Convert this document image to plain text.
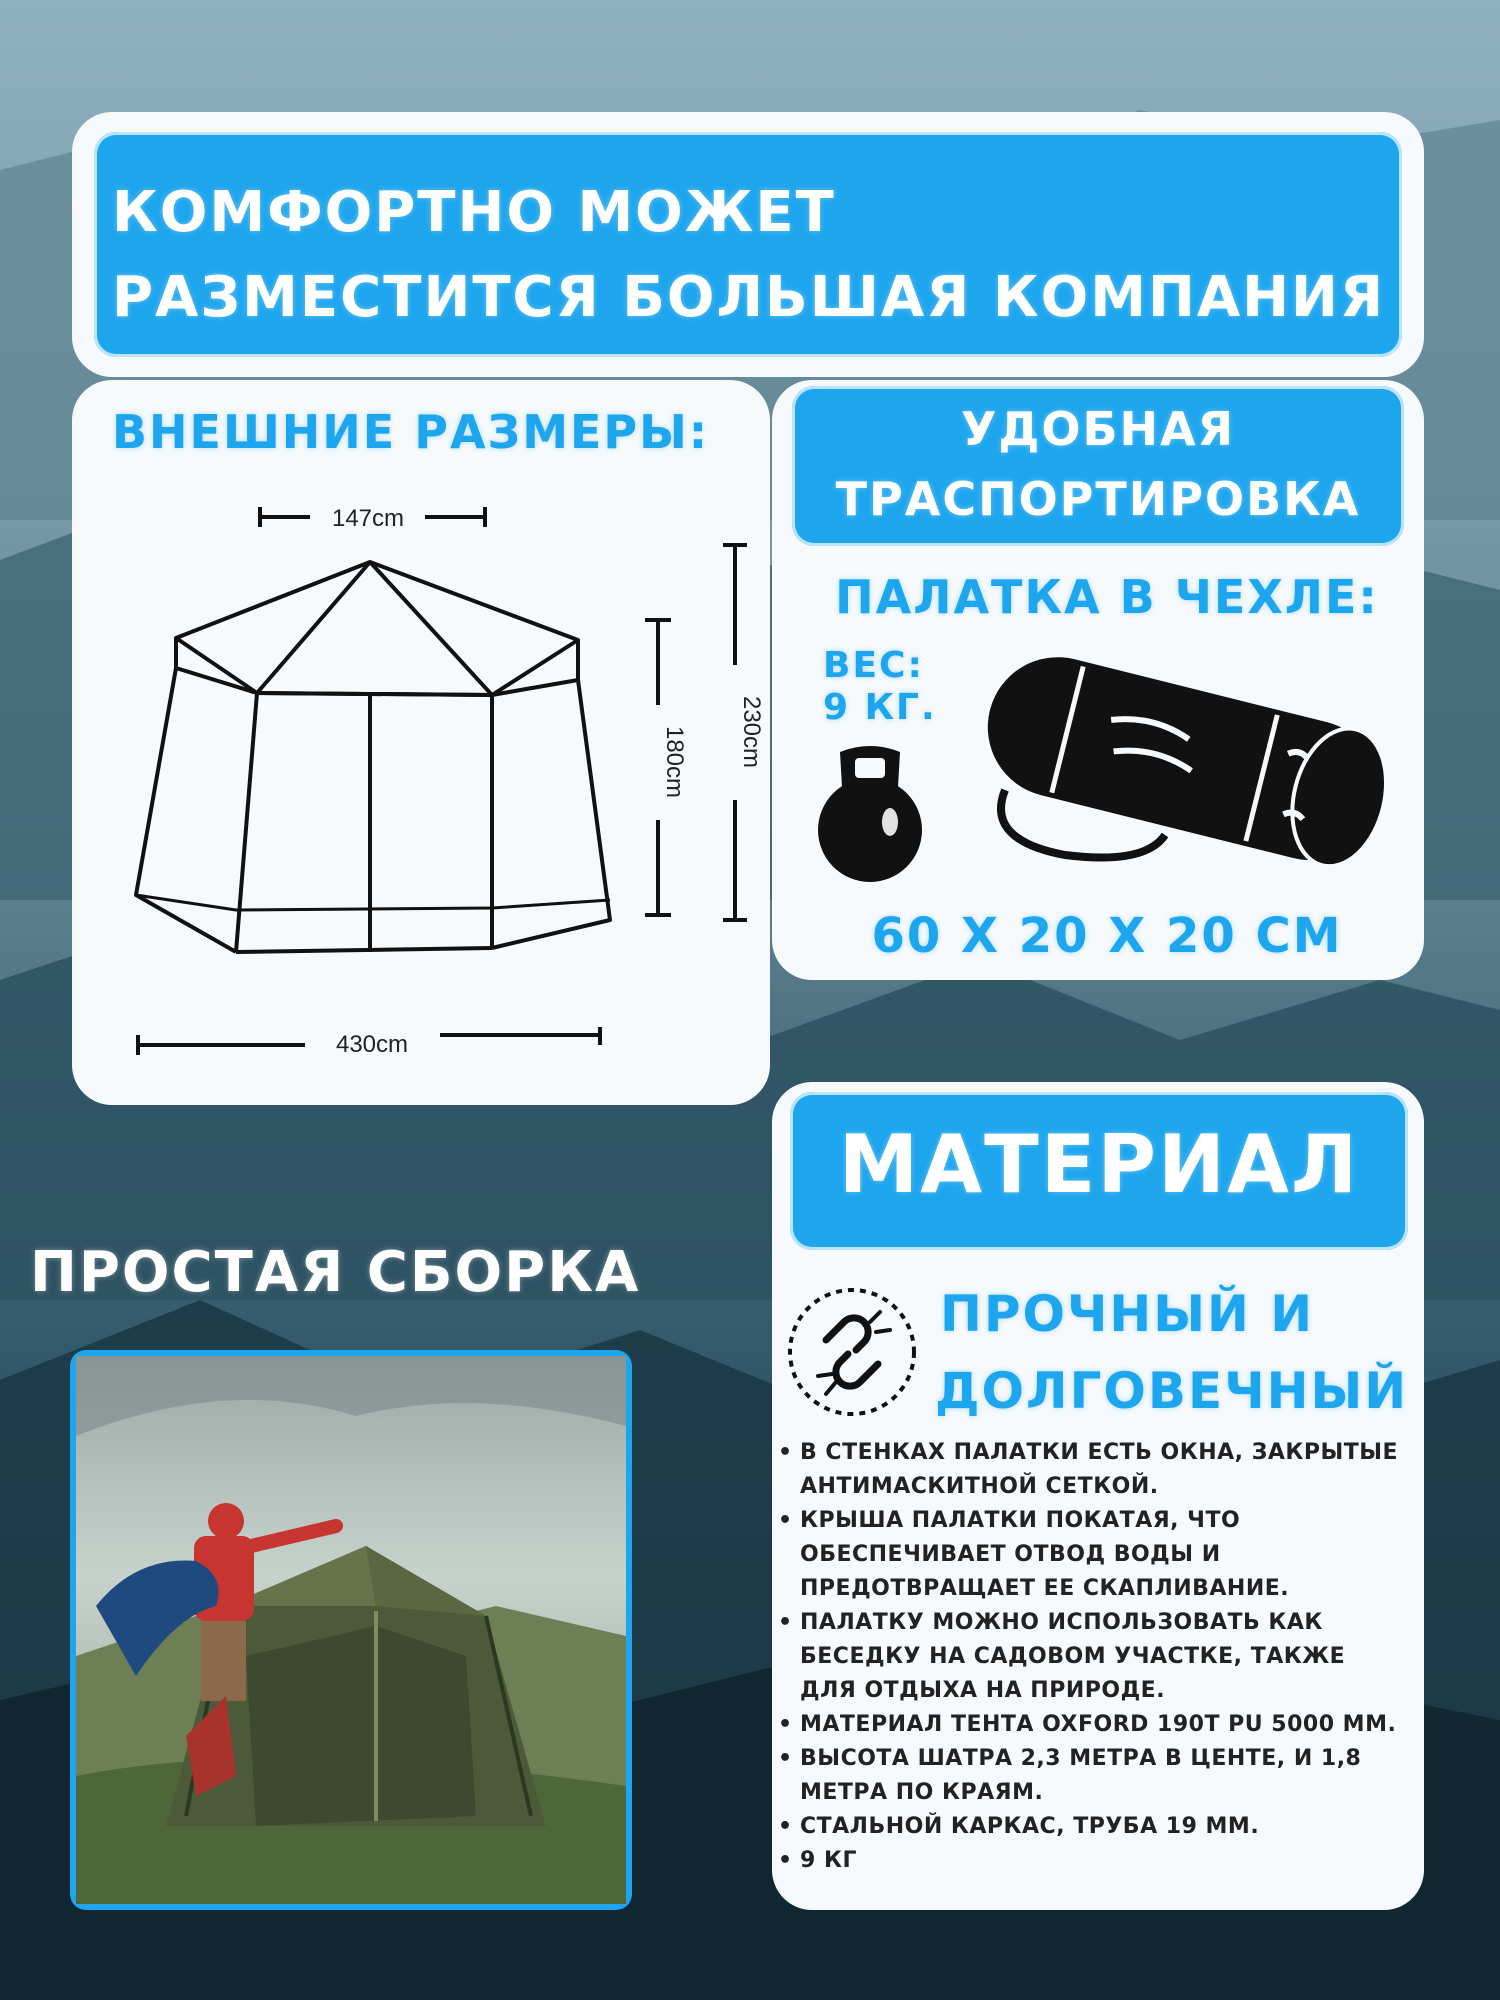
КОМФОРТНО МОЖЕТ
РАЗМЕСТИТСЯ БОЛЬШАЯ КОМПАНИЯ
ВНЕШНИЕ РАЗМЕРЫ:
147cm
180cm 230cm
430cm
УДОБНАЯ
ТРАСПОРТИРОВКА
ПАЛАТКА В ЧЕХЛЕ:
ВЕС:
9 КГ.
60 Х 20 Х 20 СМ
ПРОСТАЯ СБОРКА
МАТЕРИАЛ
ПРОЧНЫЙ И
ДОЛГОВЕЧНЫЙ
• В СТЕНКАХ ПАЛАТКИ ЕСТЬ ОКНА, ЗАКРЫТЫЕ АНТИМАСКИТНОЙ СЕТКОЙ.
• КРЫША ПАЛАТКИ ПОКАТАЯ, ЧТО ОБЕСПЕЧИВАЕТ ОТВОД ВОДЫ И ПРЕДОТВРАЩАЕТ ЕЕ СКАПЛИВАНИЕ.
• ПАЛАТКУ МОЖНО ИСПОЛЬЗОВАТЬ КАК БЕСЕДКУ НА САДОВОМ УЧАСТКЕ, ТАКЖЕ ДЛЯ ОТДЫХА НА ПРИРОДЕ.
• МАТЕРИАЛ ТЕНТА OXFORD 190T PU 5000 ММ.
• ВЫСОТА ШАТРА 2,3 МЕТРА В ЦЕНТЕ, И 1,8 МЕТРА ПО КРАЯМ.
• СТАЛЬНОЙ КАРКАС, ТРУБА 19 ММ.
• 9 КГ
